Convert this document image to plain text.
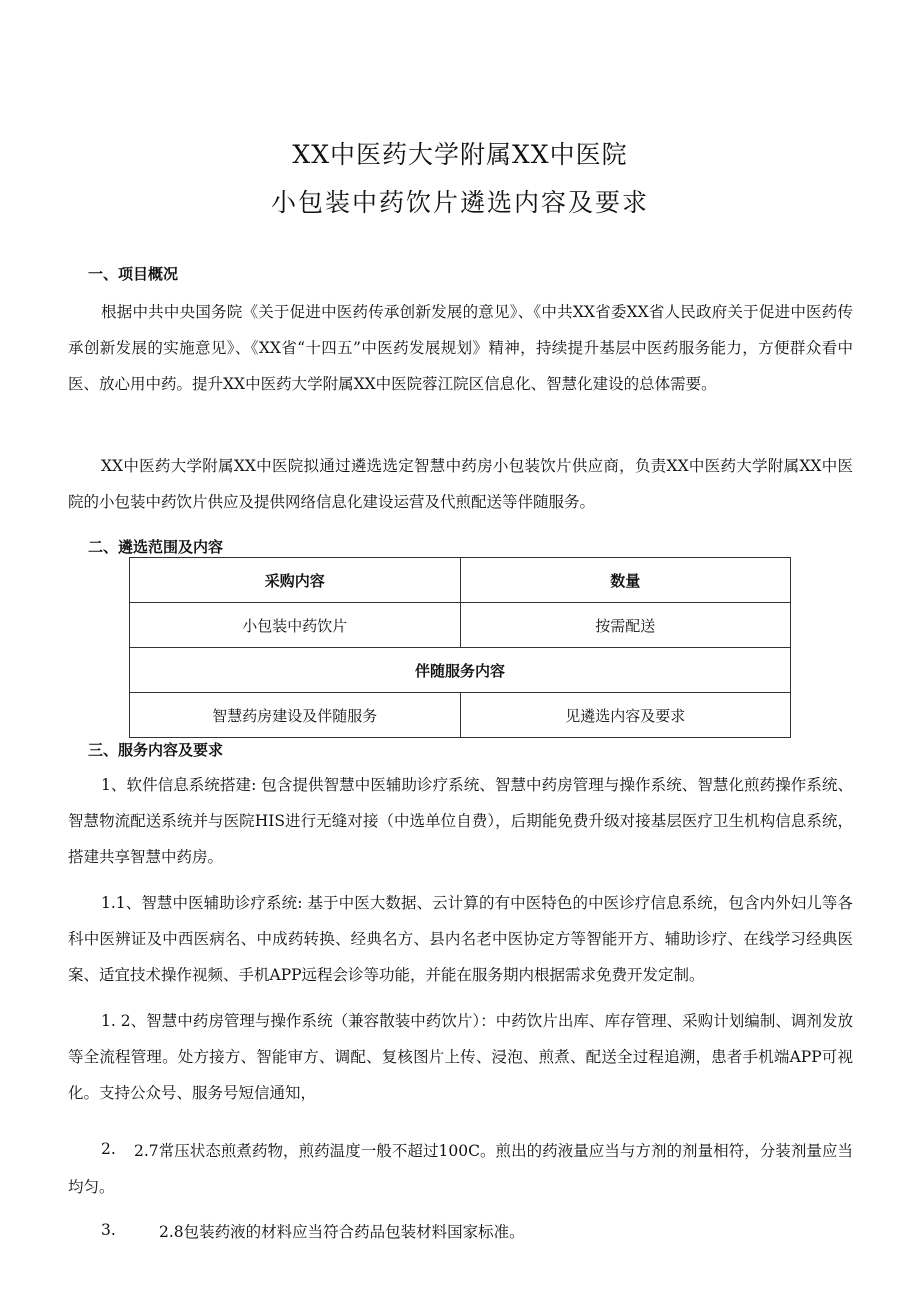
XX中医药大学附属XX中医院
小包装中药饮片遴选内容及要求
一、项目概况

根据中共中央国务院《关于促进中医药传承创新发展的意见》、《中共XX省委XX省人民政府关于促进中医药传承创新发展的实施意见》、《XX省“十四五”中医药发展规划》精神，持续提升基层中医药服务能力，方便群众看中医、放心用中药。提升XX中医药大学附属XX中医院蓉江院区信息化、智慧化建设的总体需要。

XX中医药大学附属XX中医院拟通过遴选选定智慧中药房小包装饮片供应商，负责XX中医药大学附属XX中医院的小包装中药饮片供应及提供网络信息化建设运营及代煎配送等伴随服务。

二、遴选范围及内容
采购内容	数量
小包装中药饮片	按需配送
伴随服务内容	
智慧药房建设及伴随服务	见遴选内容及要求
三、服务内容及要求

1、软件信息系统搭建: 包含提供智慧中医辅助诊疗系统、智慧中药房管理与操作系统、智慧化煎药操作系统、智慧物流配送系统并与医院HIS进行无缝对接（中选单位自费），后期能免费升级对接基层医疗卫生机构信息系统，搭建共享智慧中药房。

1.1、智慧中医辅助诊疗系统: 基于中医大数据、云计算的有中医特色的中医诊疗信息系统，包含内外妇儿等各科中医辨证及中西医病名、中成药转换、经典名方、县内名老中医协定方等智能开方、辅助诊疗、在线学习经典医案、适宜技术操作视频、手机APP远程会诊等功能，并能在服务期内根据需求免费开发定制。

1. 2、智慧中药房管理与操作系统（兼容散装中药饮片）：中药饮片出库、库存管理、采购计划编制、调剂发放等全流程管理。处方接方、智能审方、调配、复核图片上传、浸泡、煎煮、配送全过程追溯，患者手机端APP可视化。支持公众号、服务号短信通知，

2.	2.7常压状态煎煮药物，煎药温度一般不超过100C。煎出的药液量应当与方剂的剂量相符，分装剂量应当均匀。

3.	2.8包装药液的材料应当符合药品包装材料国家标准。
